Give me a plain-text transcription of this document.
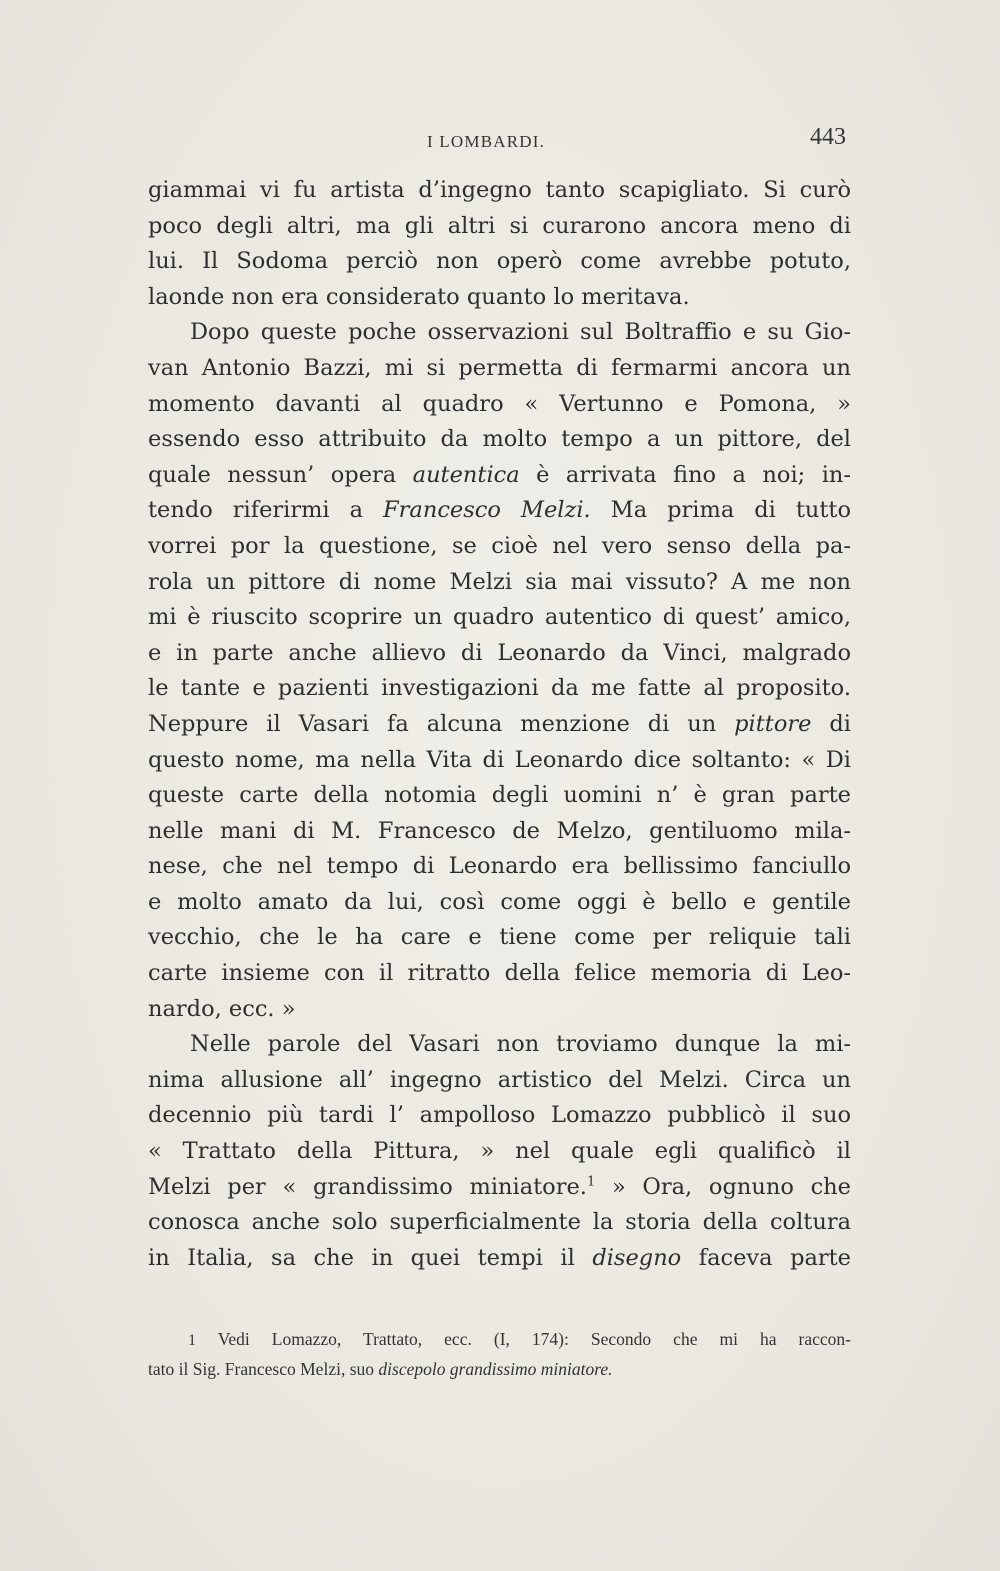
I LOMBARDI.	443

giammai vi fu artista d’ingegno tanto scapigliato. Si curò
poco degli altri, ma gli altri si curarono ancora meno di
lui. Il Sodoma perciò non operò come avrebbe potuto,
laonde non era considerato quanto lo meritava.

Dopo queste poche osservazioni sul Boltraffio e su Gio-
van Antonio Bazzi, mi si permetta di fermarmi ancora un
momento davanti al quadro « Vertunno e Pomona, »
essendo esso attribuito da molto tempo a un pittore, del
quale nessun’ opera autentica è arrivata fino a noi; in-
tendo riferirmi a Francesco Melzi. Ma prima di tutto
vorrei por la questione, se cioè nel vero senso della pa-
rola un pittore di nome Melzi sia mai vissuto? A me non
mi è riuscito scoprire un quadro autentico di quest’ amico,
e in parte anche allievo di Leonardo da Vinci, malgrado
le tante e pazienti investigazioni da me fatte al proposito.
Neppure il Vasari fa alcuna menzione di un pittore di
questo nome, ma nella Vita di Leonardo dice soltanto: « Di
queste carte della notomia degli uomini n’ è gran parte
nelle mani di M. Francesco de Melzo, gentiluomo mila-
nese, che nel tempo di Leonardo era bellissimo fanciullo
e molto amato da lui, così come oggi è bello e gentile
vecchio, che le ha care e tiene come per reliquie tali
carte insieme con il ritratto della felice memoria di Leo-
nardo, ecc. »

Nelle parole del Vasari non troviamo dunque la mi-
nima allusione all’ ingegno artistico del Melzi. Circa un
decennio più tardi l’ ampolloso Lomazzo pubblicò il suo
« Trattato della Pittura, » nel quale egli qualificò il
Melzi per « grandissimo miniatore.$^1$ » Ora, ognuno che
conosca anche solo superficialmente la storia della coltura
in Italia, sa che in quei tempi il disegno faceva parte

1 Vedi Lomazzo, Trattato, ecc. (I, 174): Secondo che mi ha raccon-
tato il Sig. Francesco Melzi, suo discepolo grandissimo miniatore.
